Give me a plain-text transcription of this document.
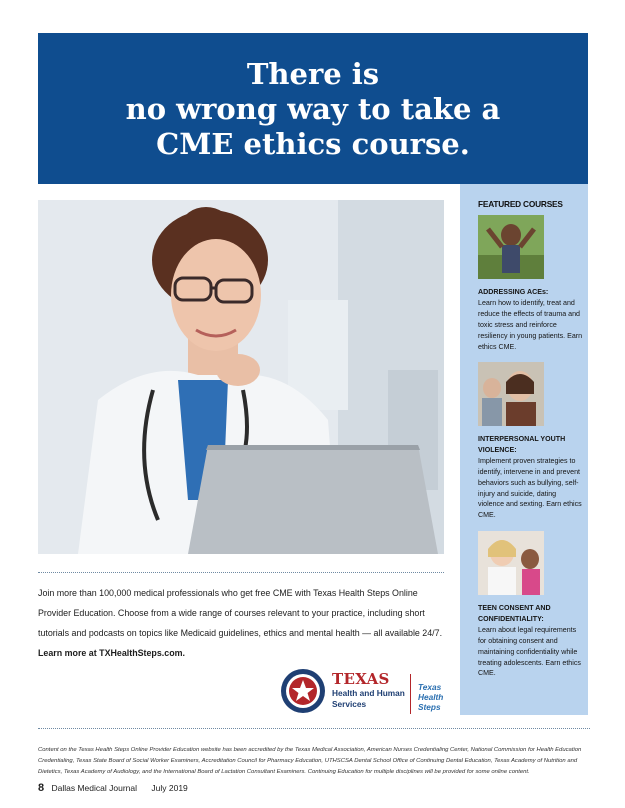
There is
no wrong way to take a
CME ethics course.
Join more than 100,000 medical professionals who get free CME with Texas Health Steps Online Provider Education. Choose from a wide range of courses relevant to your practice, including short tutorials and podcasts on topics like Medicaid guidelines, ethics and mental health — all available 24/7.
Learn more at TXHealthSteps.com.
FEATURED COURSES
ADDRESSING ACEs:
Learn how to identify, treat and reduce the effects of trauma and toxic stress and reinforce resiliency in young patients. Earn ethics CME.
INTERPERSONAL YOUTH VIOLENCE:
Implement proven strategies to identify, intervene in and prevent behaviors such as bullying, self-injury and suicide, dating violence and sexting. Earn ethics CME.
TEEN CONSENT AND CONFIDENTIALITY:
Learn about legal requirements for obtaining consent and maintaining confidentiality while treating adolescents. Earn ethics CME.
TEXAS
Health and Human
Services
Texas
Health
Steps
Content on the Texas Health Steps Online Provider Education website has been accredited by the Texas Medical Association, American Nurses Credentialing Center, National Commission for Health Education Credentialing, Texas State Board of Social Worker Examiners, Accreditation Council for Pharmacy Education, UTHSCSA Dental School Office of Continuing Dental Education, Texas Academy of Nutrition and Dietetics, Texas Academy of Audiology, and the International Board of Lactation Consultant Examiners. Continuing Education for multiple disciplines will be provided for some online content.
8 Dallas Medical Journal July 2019
